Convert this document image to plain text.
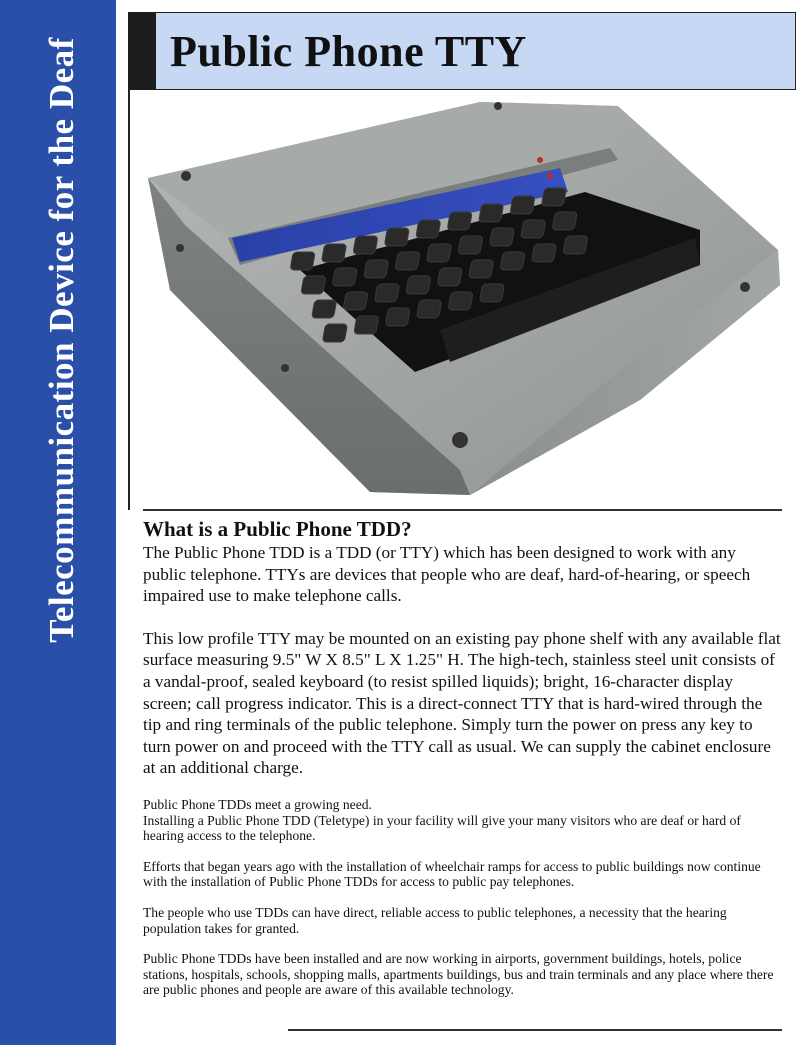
Telecommunication Device for the Deaf Public Phone TTY
What is a Public Phone TDD?

The Public Phone TDD is a TDD (or TTY) which has been designed to work with any public telephone. TTYs are devices that people who are deaf, hard-of-hearing, or speech impaired use to make telephone calls.

This low profile TTY may be mounted on an existing pay phone shelf with any available flat surface measuring 9.5" W X 8.5" L X 1.25" H. The high-tech, stainless steel unit consists of a vandal-proof, sealed keyboard (to resist spilled liquids); bright, 16-character display screen; call progress indicator. This is a direct-connect TTY that is hard-wired through the tip and ring terminals of the public telephone. Simply turn the power on press any key to turn power on and proceed with the TTY call as usual. We can supply the cabinet enclosure at an additional charge.

Public Phone TDDs meet a growing need.
Installing a Public Phone TDD (Teletype) in your facility will give your many visitors who are deaf or hard of hearing access to the telephone.

Efforts that began years ago with the installation of wheelchair ramps for access to public buildings now continue with the installation of Public Phone TDDs for access to public pay telephones.

The people who use TDDs can have direct, reliable access to public telephones, a necessity that the hearing population takes for granted.

Public Phone TDDs have been installed and are now working in airports, government buildings, hotels, police stations, hospitals, schools, shopping malls, apartments buildings, bus and train terminals and any place where there are public phones and people are aware of this available technology.
